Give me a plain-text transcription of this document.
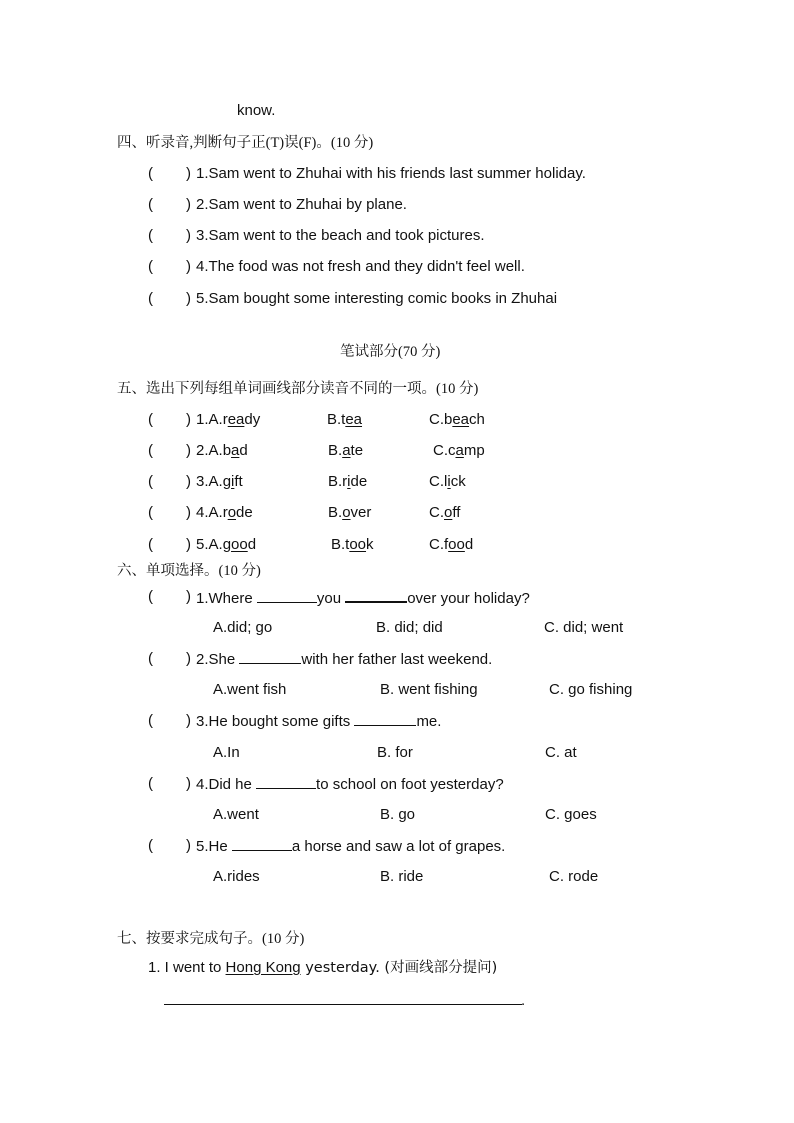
know.
四、听录音,判断句子正(T)误(F)。(10 分)
( ) 1.Sam went to Zhuhai with his friends last summer holiday.
( ) 2.Sam went to Zhuhai by plane.
( ) 3.Sam went to the beach and took pictures.
( ) 4.The food was not fresh and they didn't feel well.
( ) 5.Sam bought some interesting comic books in Zhuhai
笔试部分(70 分)
五、选出下列每组单词画线部分读音不同的一项。(10 分)
( ) 1.A.ready	B.tea	C.beach
( ) 2.A.bad	B.ate	C.camp
( ) 3.A.gift	B.ride	C.lick
( ) 4.A.rode	B.over	C.off
( ) 5.A.good	B.took	C.food
六、单项选择。(10 分)
( ) 1.Where	you	over your holiday?
A.did; go	B. did; did	C. did; went
( ) 2.She	with her father last weekend.
A.went fish	B. went fishing	C. go fishing
( ) 3.He bought some gifts	me.
A.In	B. for	C. at
( ) 4.Did he	to school on foot yesterday?
A.went	B. go	C. goes
( ) 5.He	a horse and saw a lot of grapes.
A.rides	B. ride	C. rode
七、按要求完成句子。(10 分)
1. I went to Hong Kong yesterday. (对画线部分提问)
.
